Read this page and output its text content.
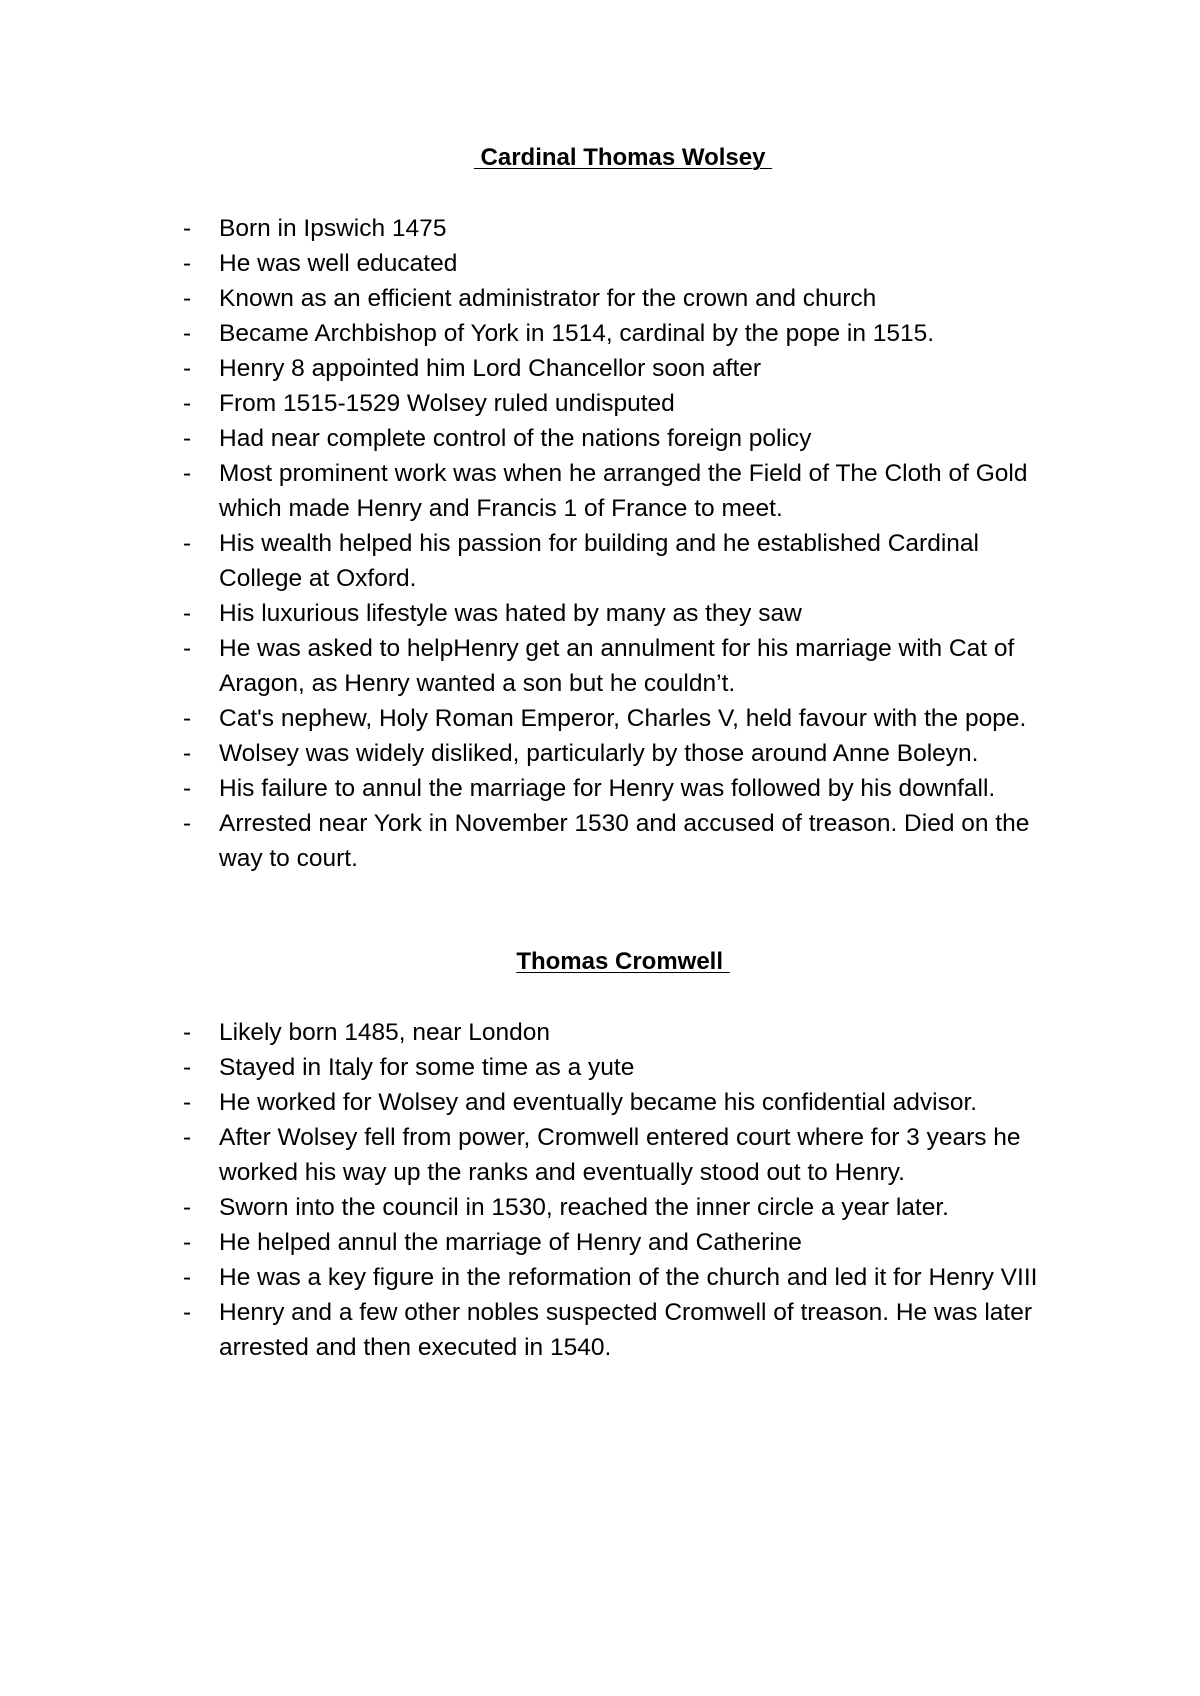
Cardinal Thomas Wolsey
-	Born in Ipswich 1475
-	He was well educated
-	Known as an efficient administrator for the crown and church
-	Became Archbishop of York in 1514, cardinal by the pope in 1515.
-	Henry 8 appointed him Lord Chancellor soon after
-	From 1515-1529 Wolsey ruled undisputed
-	Had near complete control of the nations foreign policy
-	Most prominent work was when he arranged the Field of The Cloth of Gold which made Henry and Francis 1 of France to meet.
-	His wealth helped his passion for building and he established Cardinal College at Oxford.
-	His luxurious lifestyle was hated by many as they saw
-	He was asked to helpHenry get an annulment for his marriage with Cat of Aragon, as Henry wanted a son but he couldn’t.
-	Cat's nephew, Holy Roman Emperor, Charles V, held favour with the pope.
-	Wolsey was widely disliked, particularly by those around Anne Boleyn.
-	His failure to annul the marriage for Henry was followed by his downfall.
-	Arrested near York in November 1530 and accused of treason. Died on the way to court.
Thomas Cromwell
-	Likely born 1485, near London
-	Stayed in Italy for some time as a yute
-	He worked for Wolsey and eventually became his confidential advisor.
-	After Wolsey fell from power, Cromwell entered court where for 3 years he worked his way up the ranks and eventually stood out to Henry.
-	Sworn into the council in 1530, reached the inner circle a year later.
-	He helped annul the marriage of Henry and Catherine
-	He was a key figure in the reformation of the church and led it for Henry VIII
-	Henry and a few other nobles suspected Cromwell of treason. He was later arrested and then executed in 1540.
